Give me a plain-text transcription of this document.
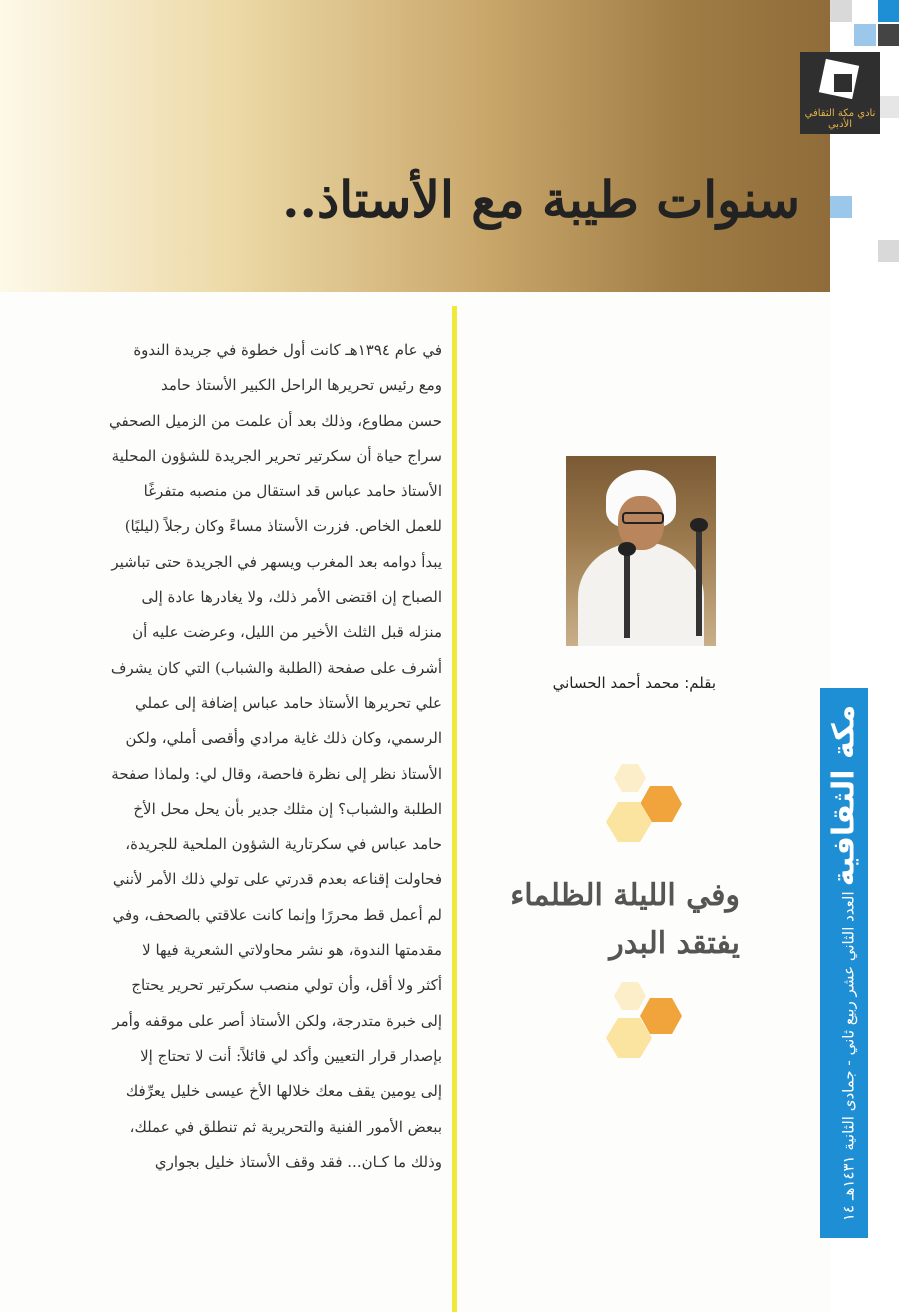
سنوات طيبة مع الأستاذ..
نادي مكة الثقافي الأدبي
مكة الثقافية العدد الثاني عشر ربيع ثاني - جمادى الثانية ١٤٣١هـ ١٤
في عام ١٣٩٤هـ كانت أول خطوة في جريدة الندوة
ومع رئيس تحريرها الراحل الكبير الأستاذ حامد
حسن مطاوع، وذلك بعد أن علمت من الزميل الصحفي
سراج حياة أن سكرتير تحرير الجريدة للشؤون المحلية
الأستاذ حامد عباس قد استقال من منصبه متفرغًا
للعمل الخاص. فزرت الأستاذ مساءً وكان رجلاً (ليليًا)
يبدأ دوامه بعد المغرب ويسهر في الجريدة حتى تباشير
الصباح إن اقتضى الأمر ذلك، ولا يغادرها عادة إلى
منزله قبل الثلث الأخير من الليل، وعرضت عليه أن
أشرف على صفحة (الطلبة والشباب) التي كان يشرف
علي تحريرها الأستاذ حامد عباس إضافة إلى عملي
الرسمي، وكان ذلك غاية مرادي وأقصى أملي، ولكن
الأستاذ نظر إلى نظرة فاحصة، وقال لي: ولماذا صفحة
الطلبة والشباب؟ إن مثلك جدير بأن يحل محل الأخ
حامد عباس في سكرتارية الشؤون الملحية للجريدة،
فحاولت إقناعه بعدم قدرتي على تولي ذلك الأمر لأنني
لم أعمل قط محررًا وإنما كانت علاقتي بالصحف، وفي
مقدمتها الندوة، هو نشر محاولاتي الشعرية فيها لا
أكثر ولا أقل، وأن تولي منصب سكرتير تحرير يحتاج
إلى خبرة متدرجة، ولكن الأستاذ أصر على موقفه وأمر
بإصدار قرار التعيين وأكد لي قائلاً: أنت لا تحتاج إلا
إلى يومين يقف معك خلالها الأخ عيسى خليل يعرِّفك
ببعض الأمور الفنية والتحريرية ثم تنطلق في عملك،
وذلك ما كـان... فقد وقف الأستاذ خليل بجواري
بقلم: محمد أحمد الحساني
وفي الليلة الظلماء
يفتقد البدر
